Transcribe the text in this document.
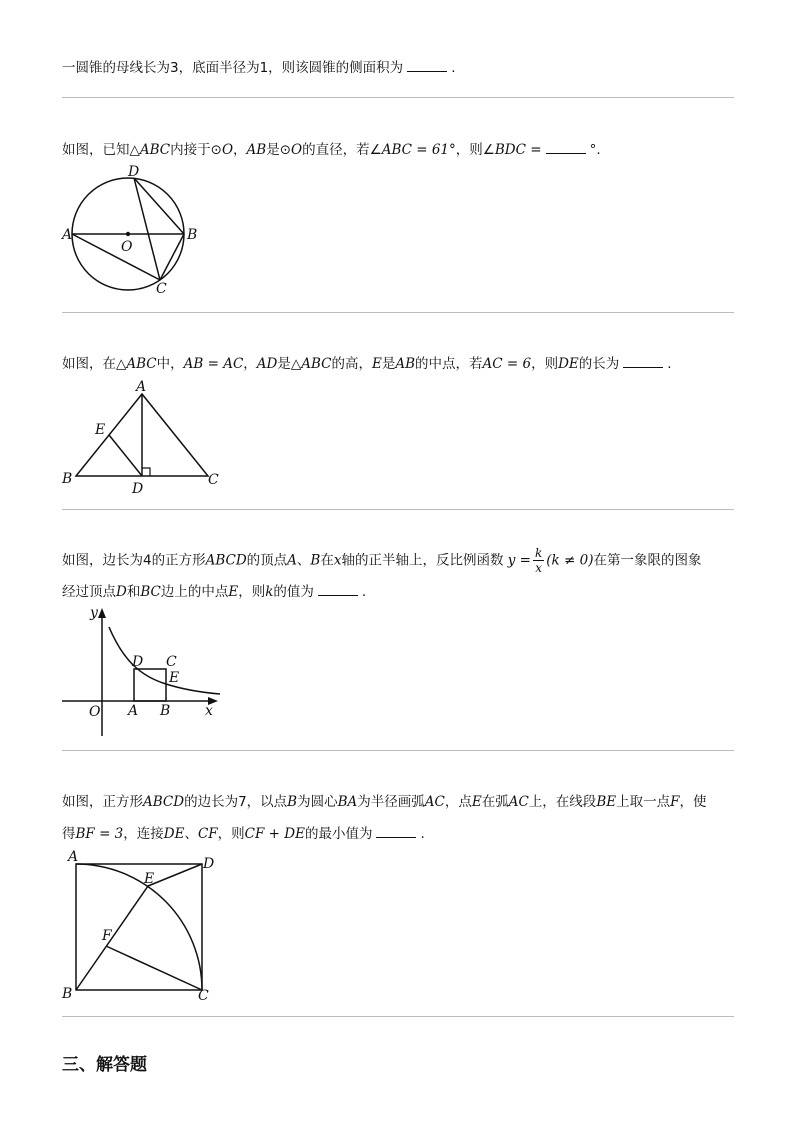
一圆锥的母线长为3，底面半径为1，则该圆锥的侧面积为	.
如图，已知△ABC内接于⊙O，AB是⊙O的直径，若∠ABC = 61°，则∠BDC =	°.
A	B
C
D
O
如图，在△ABC中，AB = AC，AD是△ABC的高，E是AB的中点，若AC = 6，则DE的长为	.
A
B	C
D
E
如图，边长为4的正方形ABCD的顶点A、B在x轴的正半轴上，反比例函数 $y = \frac{k}{x} (k \ne 0)$在第一象限的图象
经过顶点D和BC边上的中点E，则k的值为	.
y
x
O A B
C
D
E
如图，正方形ABCD的边长为7，以点B为圆心BA为半径画弧AC，点E在弧AC上，在线段BE上取一点F，使
得BF = 3，连接DE、CF，则CF + DE的最小值为	.
A
B	C
D
E
F
三、解答题
